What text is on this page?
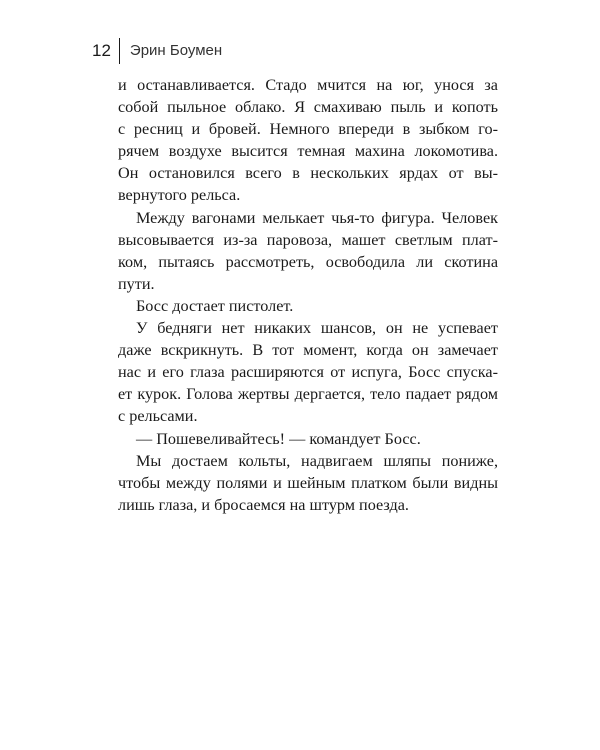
12	Эрин Боумен
и останавливается. Стадо мчится на юг, унося за
собой пыльное облако. Я смахиваю пыль и копоть
с ресниц и бровей. Немного впереди в зыбком го-
рячем воздухе высится темная махина локомотива.
Он остановился всего в нескольких ярдах от вы-
вернутого рельса.
Между вагонами мелькает чья-то фигура. Человек
высовывается из-за паровоза, машет светлым плат-
ком, пытаясь рассмотреть, освободила ли скотина
пути.
Босс достает пистолет.
У бедняги нет никаких шансов, он не успевает
даже вскрикнуть. В тот момент, когда он замечает
нас и его глаза расширяются от испуга, Босс спуска-
ет курок. Голова жертвы дергается, тело падает рядом
с рельсами.
— Пошевеливайтесь! — командует Босс.
Мы достаем кольты, надвигаем шляпы пониже,
чтобы между полями и шейным платком были видны
лишь глаза, и бросаемся на штурм поезда.
